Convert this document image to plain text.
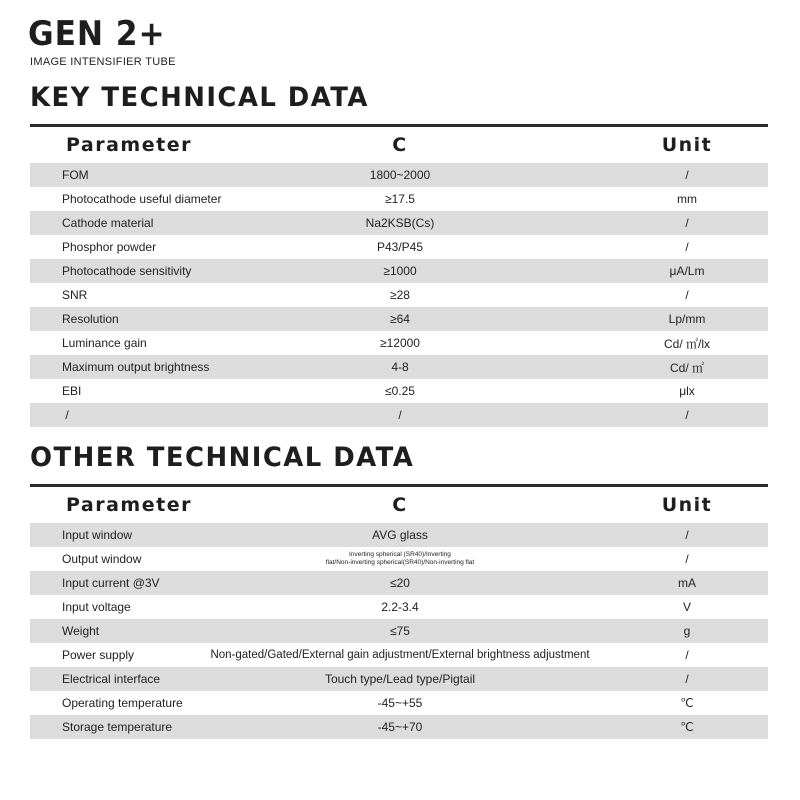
GEN 2+
IMAGE INTENSIFIER TUBE
KEY TECHNICAL DATA
Parameter	C	Unit
FOM	1800~2000	/
Photocathode useful diameter	≥17.5	mm
Cathode material	Na2KSB(Cs)	/
Phosphor powder	P43/P45	/
Photocathode sensitivity	≥1000	μA/Lm
SNR	≥28	/
Resolution	≥64	Lp/mm
Luminance gain	≥12000	Cd/ ㎡/lx
Maximum output brightness	4-8	Cd/ ㎡
EBI	≤0.25	μlx
/	/	/
OTHER TECHNICAL DATA
Parameter	C	Unit
Input window	AVG glass	/
Output window	Inverting spherical (SR40)/Inverting
flat/Non-inverting spherical(SR40)/Non-inverting flat	/
Input current @3V	≤20	mA
Input voltage	2.2-3.4	V
Weight	≤75	g
Power supply	Non-gated/Gated/External gain adjustment/External brightness adjustment	/
Electrical interface	Touch type/Lead type/Pigtail	/
Operating temperature	-45~+55	℃
Storage temperature	-45~+70	℃
